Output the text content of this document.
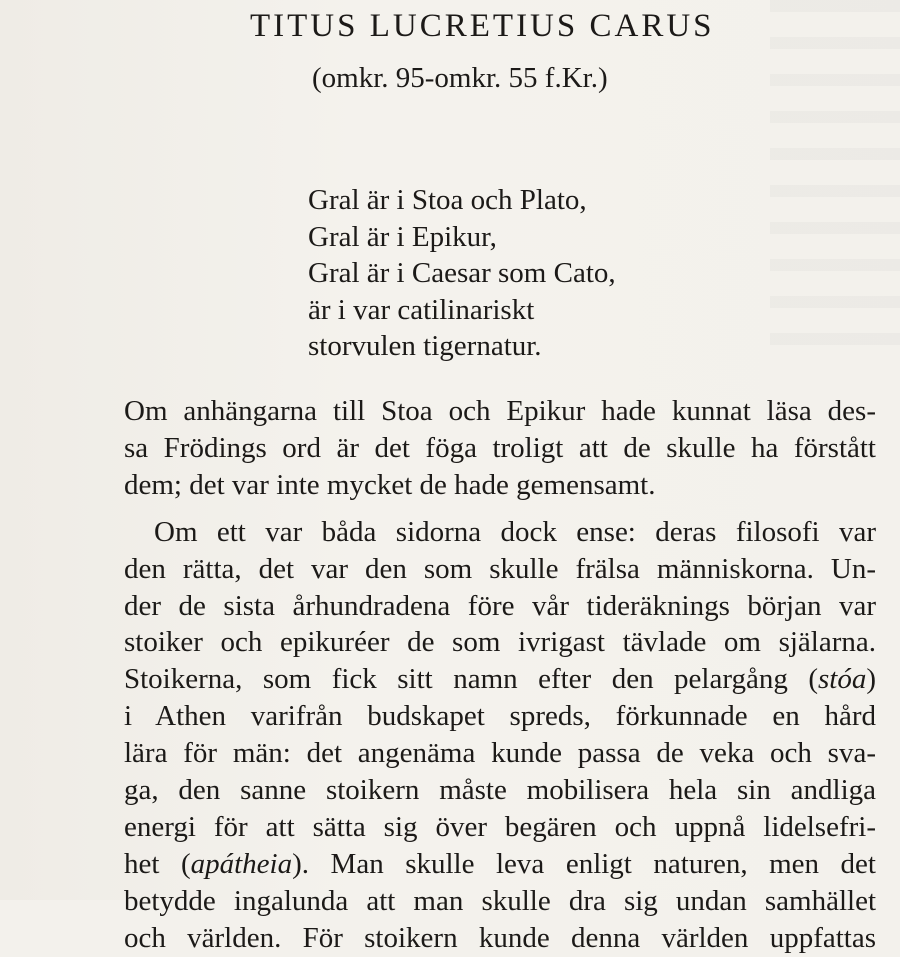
TITUS LUCRETIUS CARUS
(omkr. 95-omkr. 55 f.Kr.)
Gral är i Stoa och Plato,
Gral är i Epikur,
Gral är i Caesar som Cato,
är i var catilinariskt
storvulen tigernatur.
Om anhängarna till Stoa och Epikur hade kunnat läsa des-
sa Frödings ord är det föga troligt att de skulle ha förstått
dem; det var inte mycket de hade gemensamt.
Om ett var båda sidorna dock ense: deras filosofi var
den rätta, det var den som skulle frälsa människorna. Un-
der de sista århundradena före vår tideräknings början var
stoiker och epikuréer de som ivrigast tävlade om själarna.
Stoikerna, som fick sitt namn efter den pelargång (stóa)
i Athen varifrån budskapet spreds, förkunnade en hård
lära för män: det angenäma kunde passa de veka och sva-
ga, den sanne stoikern måste mobilisera hela sin andliga
energi för att sätta sig över begären och uppnå lidelsefri-
het (apátheia). Man skulle leva enligt naturen, men det
betydde ingalunda att man skulle dra sig undan samhället
och världen. För stoikern kunde denna världen uppfattas
